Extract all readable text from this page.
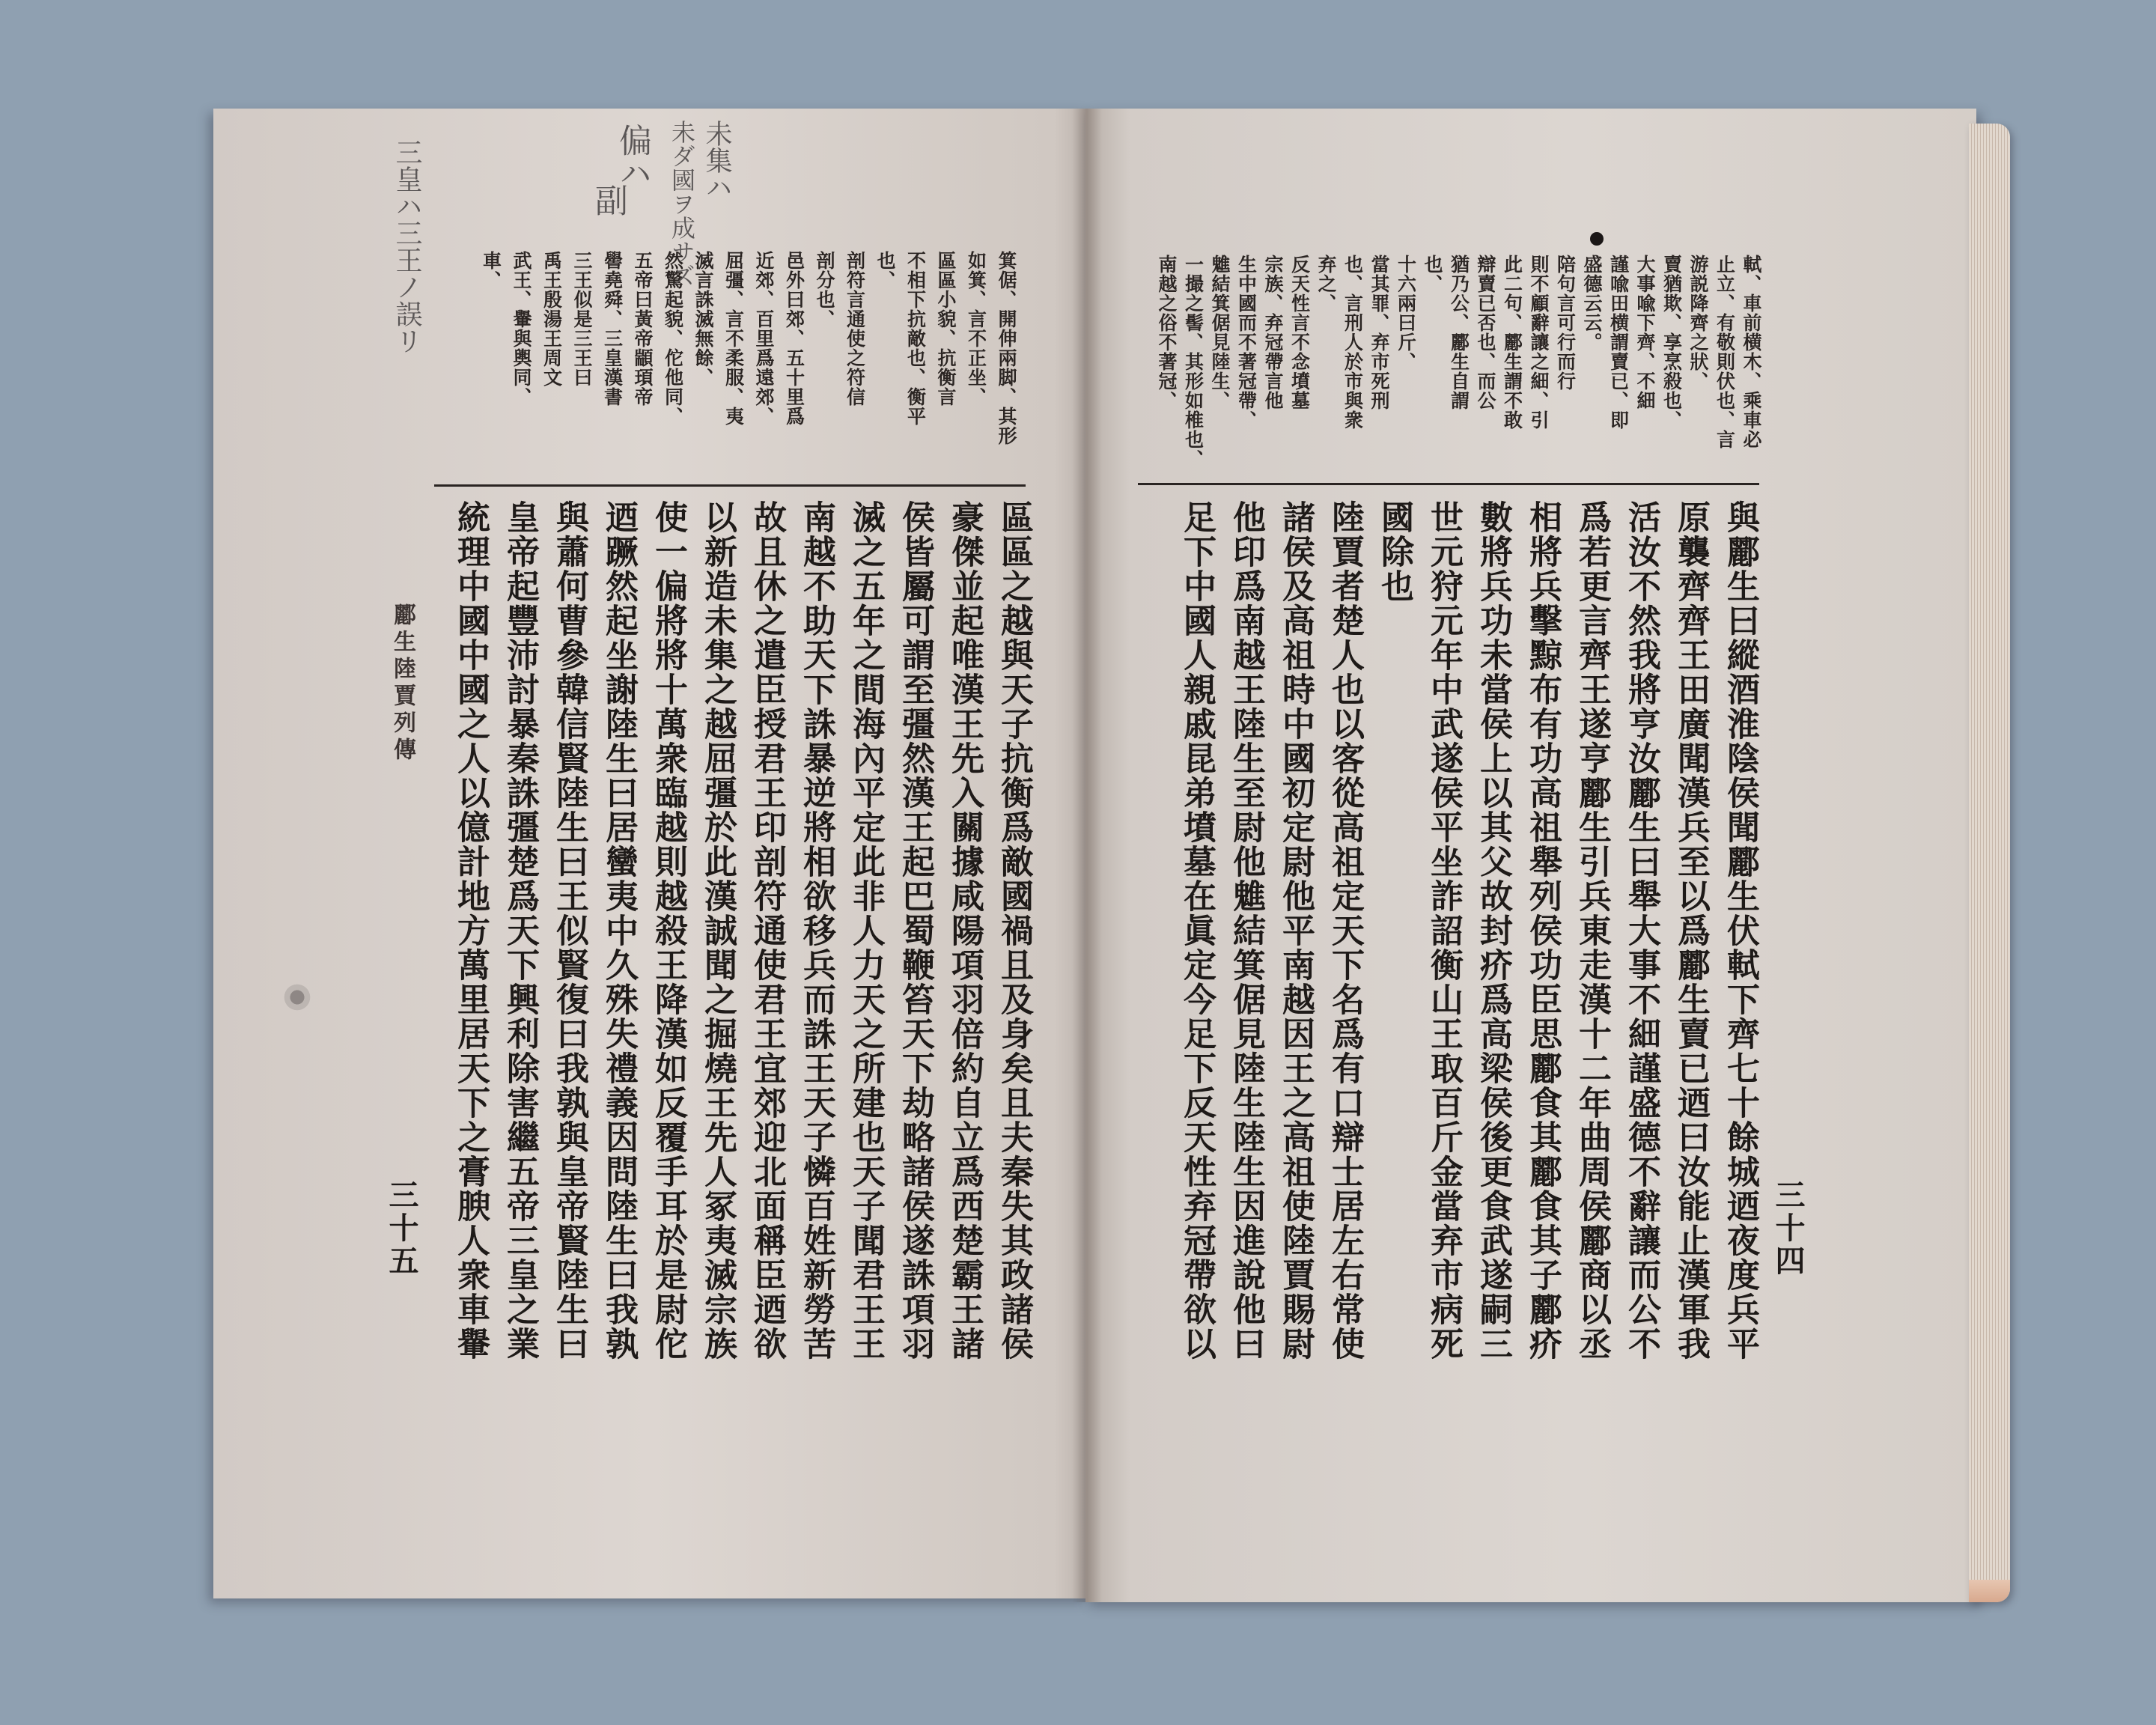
軾、車前横木、乘車必
止立、有敬則伏也、言
游説降齊之狀、
賣猶欺、享烹殺也、
大事喩下齊、不細
謹喩田横謂賣已、即
盛德云云。
陪句言可行而行
則不顧辭讓之細、引
此二句、酈生謂不敢
辯賣已否也、而公
猶乃公、酈生自謂
也、
十六兩曰斤、
當其罪、弃市死刑
也、言刑人於市與衆
弃之、
反天性言不念墳墓
宗族、弃冠帶言他
生中國而不著冠帶、
魋結箕倨見陸生、
一撮之髻、其形如椎也、
南越之俗不著冠、
與酈生曰縱酒淮陰侯聞酈生伏軾下齊七十餘城迺夜度兵平
原襲齊齊王田廣聞漢兵至以爲酈生賣已迺曰汝能止漢軍我
活汝不然我將亨汝酈生曰舉大事不細謹盛德不辭讓而公不
爲若更言齊王遂亨酈生引兵東走漢十二年曲周侯酈商以丞
相將兵擊黥布有功高祖舉列侯功臣思酈食其酈食其子酈疥
數將兵功未當侯上以其父故封疥爲高梁侯後更食武遂嗣三
世元狩元年中武遂侯平坐詐詔衡山王取百斤金當弃市病死
國除也
陸賈者楚人也以客從高祖定天下名爲有口辯士居左右常使
諸侯及高祖時中國初定尉他平南越因王之高祖使陸賈賜尉
他印爲南越王陸生至尉他魋結箕倨見陸生陸生因進說他曰
足下中國人親戚昆弟墳墓在眞定今足下反天性弃冠帶欲以
箕倨、開伸兩脚、其形
如箕、言不正坐、
區區小貌、抗衡言
不相下抗敵也、衡平
也、
剖符言通使之符信
剖分也、
邑外曰郊、五十里爲
近郊、百里爲遠郊、
屈彊、言不柔服、夷
滅言誅滅無餘、
然驚起貌、佗他同、
五帝曰黃帝顓頊帝
嚳堯舜、三皇漢書
三王似是三王曰
禹王殷湯王周文
武王、轝與輿同、
車、
區區之越與天子抗衡爲敵國禍且及身矣且夫秦失其政諸侯
豪傑並起唯漢王先入關據咸陽項羽倍約自立爲西楚霸王諸
侯皆屬可謂至彊然漢王起巴蜀鞭笞天下劫略諸侯遂誅項羽
滅之五年之間海內平定此非人力天之所建也天子聞君王王
南越不助天下誅暴逆將相欲移兵而誅王天子憐百姓新勞苦
故且休之遣臣授君王印剖符通使君王宜郊迎北面稱臣迺欲
以新造未集之越屈彊於此漢誠聞之掘燒王先人冢夷滅宗族
使一偏將將十萬衆臨越則越殺王降漢如反覆手耳於是尉佗
迺蹶然起坐謝陸生曰居蠻夷中久殊失禮義因問陸生曰我孰
與蕭何曹參韓信賢陸生曰王似賢復曰我孰與皇帝賢陸生曰
皇帝起豐沛討暴秦誅彊楚爲天下興利除害繼五帝三皇之業
統理中國中國之人以億計地方萬里居天下之膏腴人衆車轝	三十四
三十五
酈生陸賈列傳
未集ハ
未ダ國ヲ成サズ
偏ハ
副
三皇ハ三王ノ誤リ
